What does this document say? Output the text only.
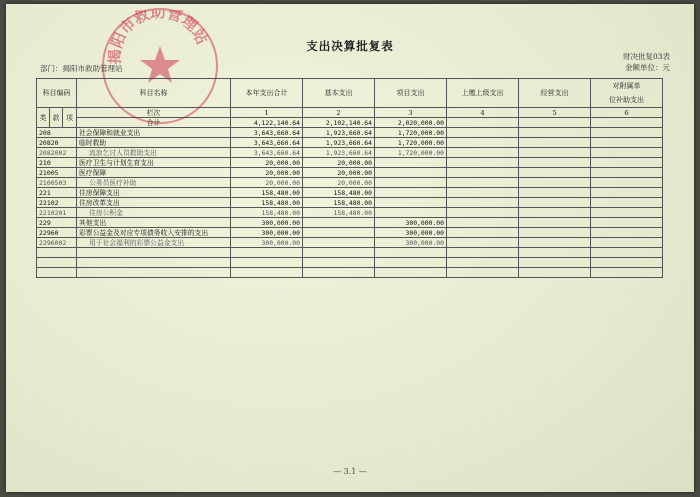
揭阳市救助管理站	支出决算批复表
财决批复03表
金额单位：元
部门：揭阳市救助管理站
科目编码			科目名称	本年支出合计	基本支出	项目支出	上缴上级支出	经营支出	对附属单
位补助支出
类	款	项	栏次	1	2	3	4	5	6
			合计	4,122,140.64	2,102,140.64	2,020,000.00			
208			社会保障和就业支出	3,643,660.64	1,923,660.64	1,720,000.00			
20820			临时救助	3,643,660.64	1,923,660.64	1,720,000.00			
2082002			流浪乞讨人员救助支出	3,643,660.64	1,923,660.64	1,720,000.00			
210			医疗卫生与计划生育支出	20,000.00	20,000.00				
21005			医疗保障	20,000.00	20,000.00				
2100503			公务员医疗补助	20,000.00	20,000.00				
221			住房保障支出	158,480.00	158,480.00				
22102			住房改革支出	158,480.00	158,480.00				
2210201			住房公积金	158,480.00	158,480.00				
229			其他支出	300,000.00		300,000.00			
22960			彩票公益金及对应专项债务收入安排的支出	300,000.00		300,000.00			
2296002			用于社会福利的彩票公益金支出	300,000.00		300,000.00			

— 3.1 —
